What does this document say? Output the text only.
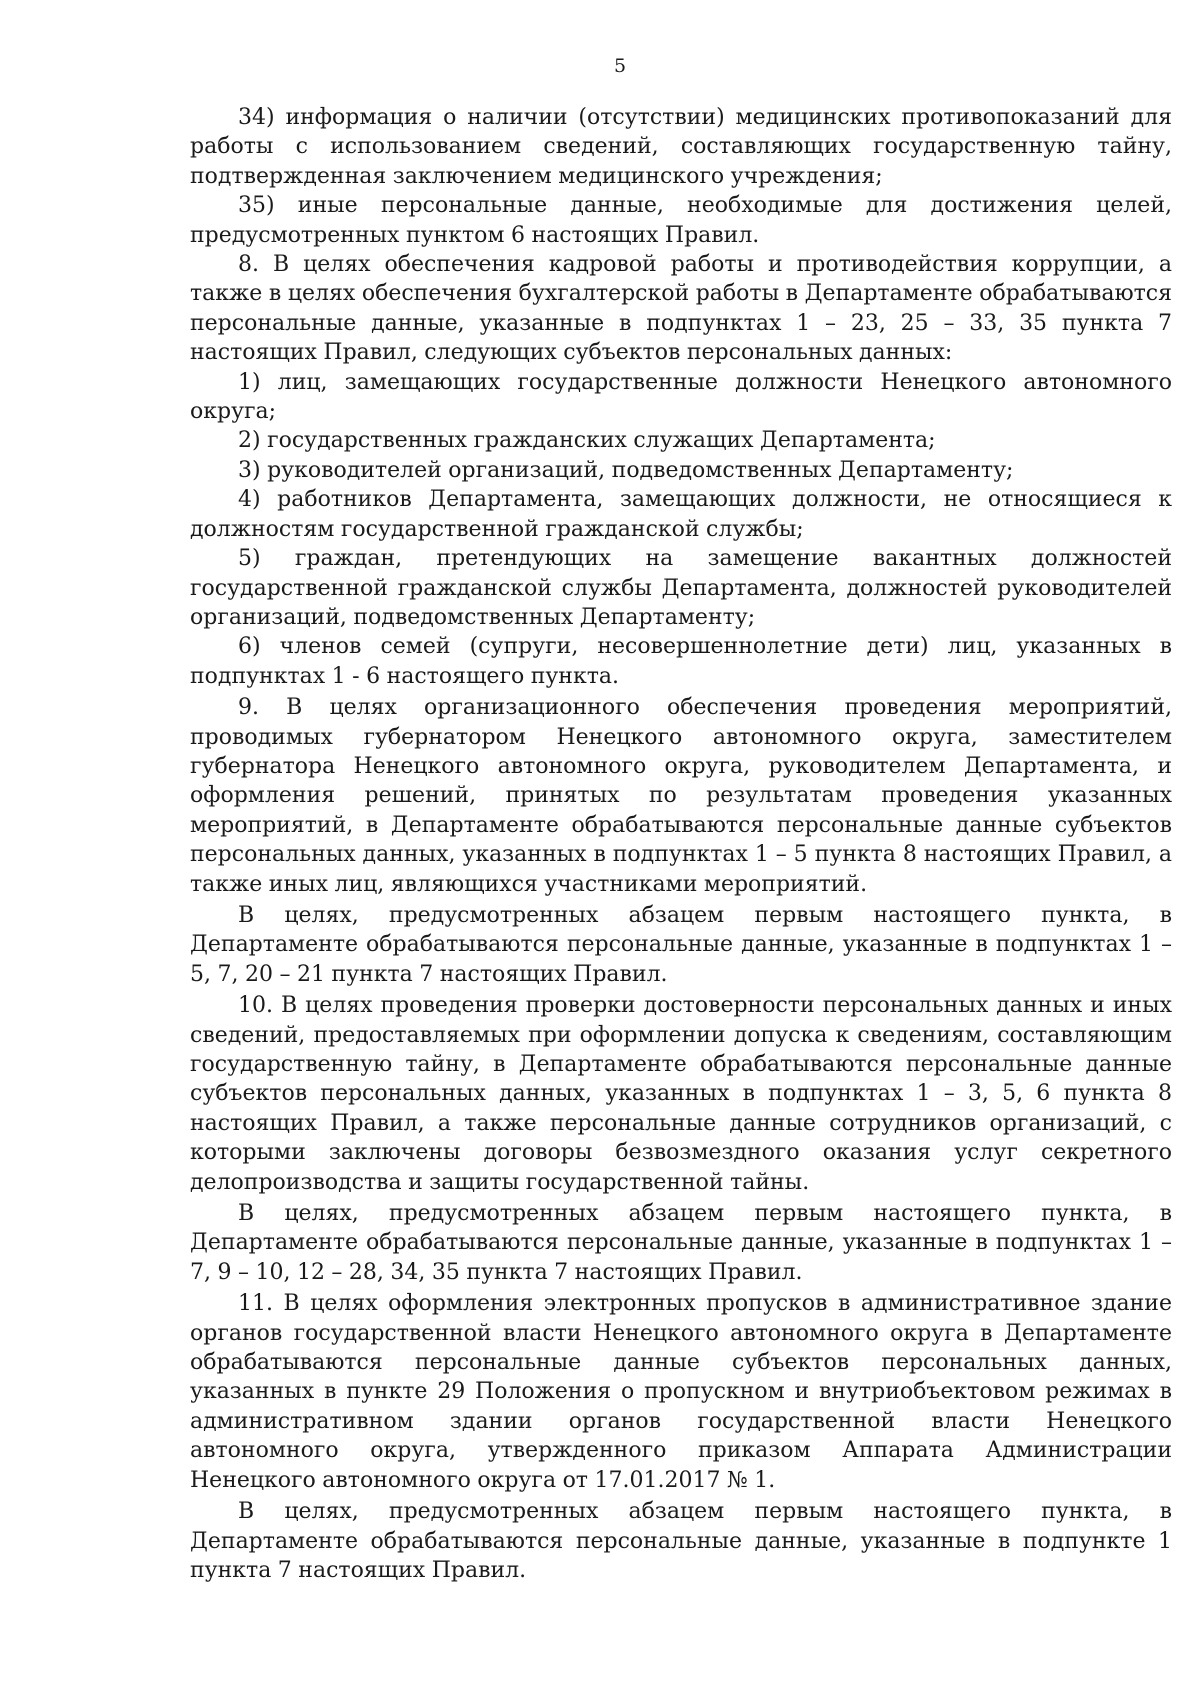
5

34) информация о наличии (отсутствии) медицинских противопоказаний для работы с использованием сведений, составляющих государственную тайну, подтвержденная заключением медицинского учреждения;

35) иные персональные данные, необходимые для достижения целей, предусмотренных пунктом 6 настоящих Правил.

8. В целях обеспечения кадровой работы и противодействия коррупции, а также в целях обеспечения бухгалтерской работы в Департаменте обрабатываются персональные данные, указанные в подпунктах 1 – 23, 25 – 33, 35 пункта 7 настоящих Правил, следующих субъектов персональных данных:

1) лиц, замещающих государственные должности Ненецкого автономного округа;

2) государственных гражданских служащих Департамента;

3) руководителей организаций, подведомственных Департаменту;

4) работников Департамента, замещающих должности, не относящиеся к должностям государственной гражданской службы;

5) граждан, претендующих на замещение вакантных должностей государственной гражданской службы Департамента, должностей руководителей организаций, подведомственных Департаменту;

6) членов семей (супруги, несовершеннолетние дети) лиц, указанных в подпунктах 1 - 6 настоящего пункта.

9. В целях организационного обеспечения проведения мероприятий, проводимых губернатором Ненецкого автономного округа, заместителем губернатора Ненецкого автономного округа, руководителем Департамента, и оформления решений, принятых по результатам проведения указанных мероприятий, в Департаменте обрабатываются персональные данные субъектов персональных данных, указанных в подпунктах 1 – 5 пункта 8 настоящих Правил, а также иных лиц, являющихся участниками мероприятий.

В целях, предусмотренных абзацем первым настоящего пункта, в Департаменте обрабатываются персональные данные, указанные в подпунктах 1 – 5, 7, 20 – 21 пункта 7 настоящих Правил.

10. В целях проведения проверки достоверности персональных данных и иных сведений, предоставляемых при оформлении допуска к сведениям, составляющим государственную тайну, в Департаменте обрабатываются персональные данные субъектов персональных данных, указанных в подпунктах 1 – 3, 5, 6 пункта 8 настоящих Правил, а также персональные данные сотрудников организаций, с которыми заключены договоры безвозмездного оказания услуг секретного делопроизводства и защиты государственной тайны.

В целях, предусмотренных абзацем первым настоящего пункта, в Департаменте обрабатываются персональные данные, указанные в подпунктах 1 – 7, 9 – 10, 12 – 28, 34, 35 пункта 7 настоящих Правил.

11. В целях оформления электронных пропусков в административное здание органов государственной власти Ненецкого автономного округа в Департаменте обрабатываются персональные данные субъектов персональных данных, указанных в пункте 29 Положения о пропускном и внутриобъектовом режимах в административном здании органов государственной власти Ненецкого автономного округа, утвержденного приказом Аппарата Администрации Ненецкого автономного округа от 17.01.2017 № 1.

В целях, предусмотренных абзацем первым настоящего пункта, в Департаменте обрабатываются персональные данные, указанные в подпункте 1 пункта 7 настоящих Правил.
